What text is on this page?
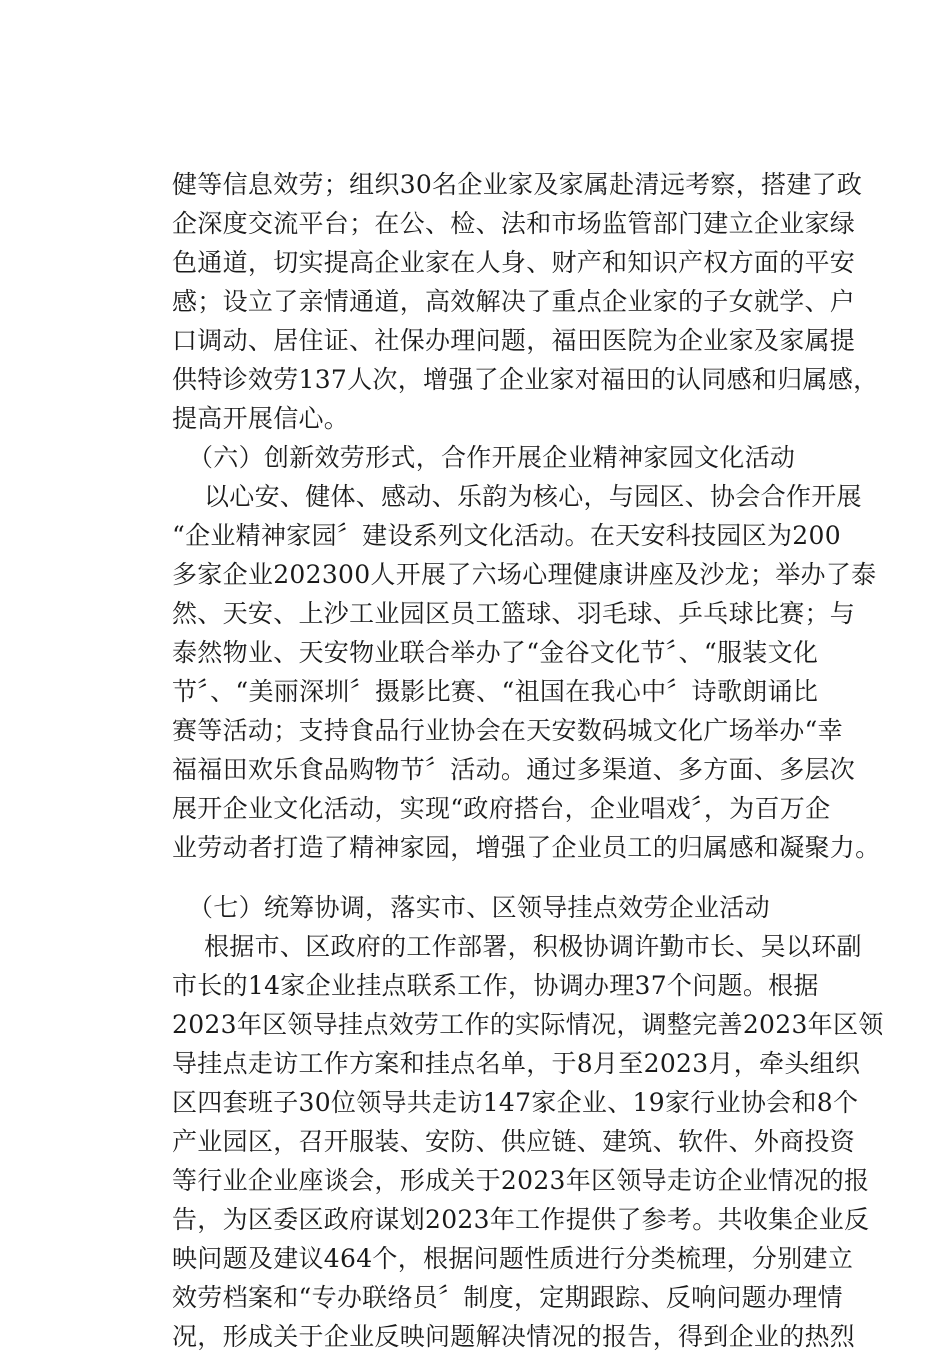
健等信息效劳；组织30名企业家及家属赴清远考察，搭建了政
企深度交流平台；在公、检、法和市场监管部门建立企业家绿
色通道，切实提高企业家在人身、财产和知识产权方面的平安
感；设立了亲情通道，高效解决了重点企业家的子女就学、户
口调动、居住证、社保办理问题，福田医院为企业家及家属提
供特诊效劳137人次，增强了企业家对福田的认同感和归属感，
提高开展信心。
（六）创新效劳形式，合作开展企业精神家园文化活动
以心安、健体、感动、乐韵为核心，与园区、协会合作开展
“企业精神家园〞建设系列文化活动。在天安科技园区为200
多家企业202300人开展了六场心理健康讲座及沙龙；举办了泰
然、天安、上沙工业园区员工篮球、羽毛球、乒乓球比赛；与
泰然物业、天安物业联合举办了“金谷文化节〞、“服装文化
节〞、“美丽深圳〞摄影比赛、“祖国在我心中〞诗歌朗诵比
赛等活动；支持食品行业协会在天安数码城文化广场举办“幸
福福田欢乐食品购物节〞活动。通过多渠道、多方面、多层次
展开企业文化活动，实现“政府搭台，企业唱戏〞，为百万企
业劳动者打造了精神家园，增强了企业员工的归属感和凝聚力。
（七）统筹协调，落实市、区领导挂点效劳企业活动
根据市、区政府的工作部署，积极协调许勤市长、吴以环副
市长的14家企业挂点联系工作，协调办理37个问题。根据
2023年区领导挂点效劳工作的实际情况，调整完善2023年区领
导挂点走访工作方案和挂点名单，于8月至2023月，牵头组织
区四套班子30位领导共走访147家企业、19家行业协会和8个
产业园区，召开服装、安防、供应链、建筑、软件、外商投资
等行业企业座谈会，形成关于2023年区领导走访企业情况的报
告，为区委区政府谋划2023年工作提供了参考。共收集企业反
映问题及建议464个，根据问题性质进行分类梳理，分别建立
效劳档案和“专办联络员〞制度，定期跟踪、反响问题办理情
况，形成关于企业反映问题解决情况的报告，得到企业的热烈
